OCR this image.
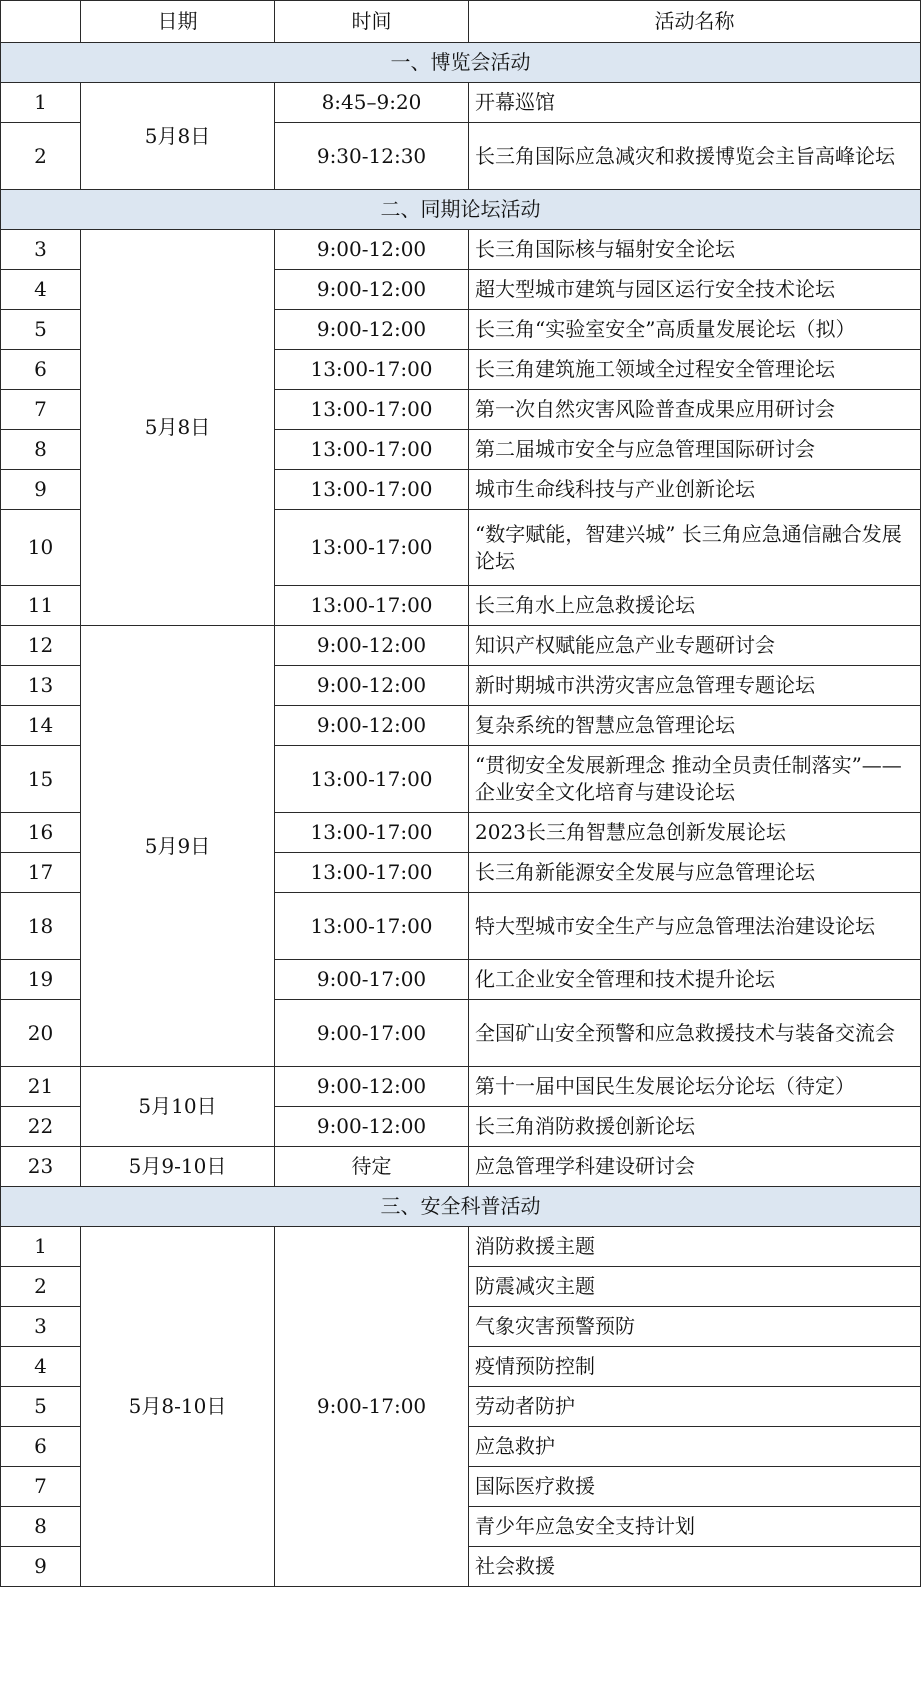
	日期	时间	活动名称
一、博览会活动			
1	5月8日	8:45–9:20	开幕巡馆
2		9:30-12:30	长三角国际应急减灾和救援博览会主旨高峰论坛
二、同期论坛活动			
3	5月8日	9:00-12:00	长三角国际核与辐射安全论坛
4		9:00-12:00	超大型城市建筑与园区运行安全技术论坛
5		9:00-12:00	长三角“实验室安全”高质量发展论坛（拟）
6		13:00-17:00	长三角建筑施工领域全过程安全管理论坛
7		13:00-17:00	第一次自然灾害风险普查成果应用研讨会
8		13:00-17:00	第二届城市安全与应急管理国际研讨会
9		13:00-17:00	城市生命线科技与产业创新论坛
10		13:00-17:00	“数字赋能，智建兴城” 长三角应急通信融合发展论坛
11		13:00-17:00	长三角水上应急救援论坛
12	5月9日	9:00-12:00	知识产权赋能应急产业专题研讨会
13		9:00-12:00	新时期城市洪涝灾害应急管理专题论坛
14		9:00-12:00	复杂系统的智慧应急管理论坛
15		13:00-17:00	“贯彻安全发展新理念 推动全员责任制落实”——企业安全文化培育与建设论坛
16		13:00-17:00	2023长三角智慧应急创新发展论坛
17		13:00-17:00	长三角新能源安全发展与应急管理论坛
18		13:00-17:00	特大型城市安全生产与应急管理法治建设论坛
19		9:00-17:00	化工企业安全管理和技术提升论坛
20		9:00-17:00	全国矿山安全预警和应急救援技术与装备交流会
21	5月10日	9:00-12:00	第十一届中国民生发展论坛分论坛（待定）
22		9:00-12:00	长三角消防救援创新论坛
23	5月9-10日	待定	应急管理学科建设研讨会
三、安全科普活动			
1	5月8-10日	9:00-17:00	消防救援主题
2			防震减灾主题
3			气象灾害预警预防
4			疫情预防控制
5			劳动者防护
6			应急救护
7			国际医疗救援
8			青少年应急安全支持计划
9			社会救援
